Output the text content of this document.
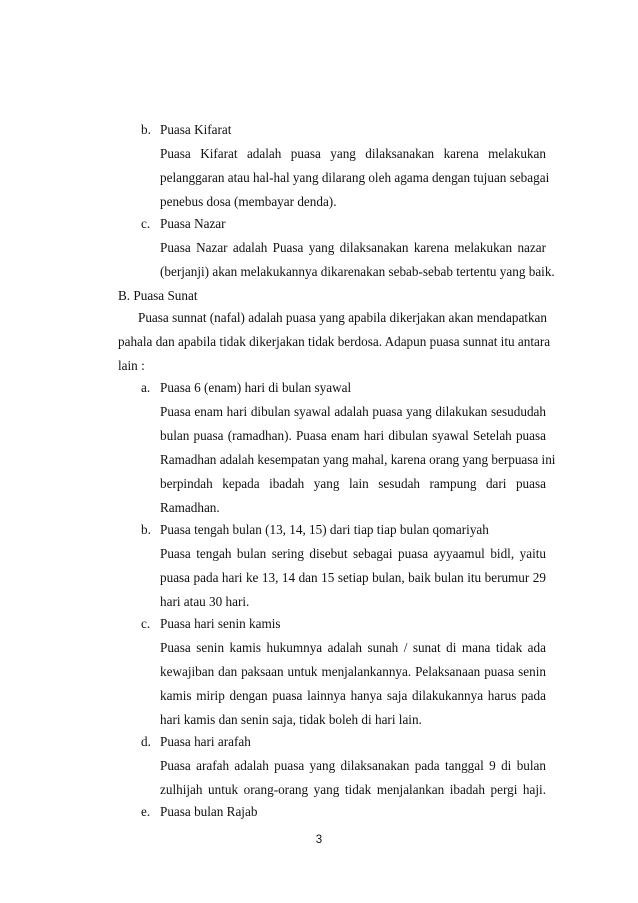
b. Puasa Kifarat
Puasa Kifarat adalah puasa yang dilaksanakan karena melakukan
pelanggaran atau hal-hal yang dilarang oleh agama dengan tujuan sebagai
penebus dosa (membayar denda).
c. Puasa Nazar
Puasa Nazar adalah Puasa yang dilaksanakan karena melakukan nazar
(berjanji) akan melakukannya dikarenakan sebab-sebab tertentu yang baik.
B. Puasa Sunat
Puasa sunnat (nafal) adalah puasa yang apabila dikerjakan akan mendapatkan
pahala dan apabila tidak dikerjakan tidak berdosa. Adapun puasa sunnat itu antara
lain :
a. Puasa 6 (enam) hari di bulan syawal
Puasa enam hari dibulan syawal adalah puasa yang dilakukan sesududah
bulan puasa (ramadhan). Puasa enam hari dibulan syawal Setelah puasa
Ramadhan adalah kesempatan yang mahal, karena orang yang berpuasa ini
berpindah kepada ibadah yang lain sesudah rampung dari puasa
Ramadhan.
b. Puasa tengah bulan (13, 14, 15) dari tiap tiap bulan qomariyah
Puasa tengah bulan sering disebut sebagai puasa ayyaamul bidl, yaitu
puasa pada hari ke 13, 14 dan 15 setiap bulan, baik bulan itu berumur 29
hari atau 30 hari.
c. Puasa hari senin kamis
Puasa senin kamis hukumnya adalah sunah / sunat di mana tidak ada
kewajiban dan paksaan untuk menjalankannya. Pelaksanaan puasa senin
kamis mirip dengan puasa lainnya hanya saja dilakukannya harus pada
hari kamis dan senin saja, tidak boleh di hari lain.
d. Puasa hari arafah
Puasa arafah adalah puasa yang dilaksanakan pada tanggal 9 di bulan
zulhijah untuk orang-orang yang tidak menjalankan ibadah pergi haji.
e. Puasa bulan Rajab
3
